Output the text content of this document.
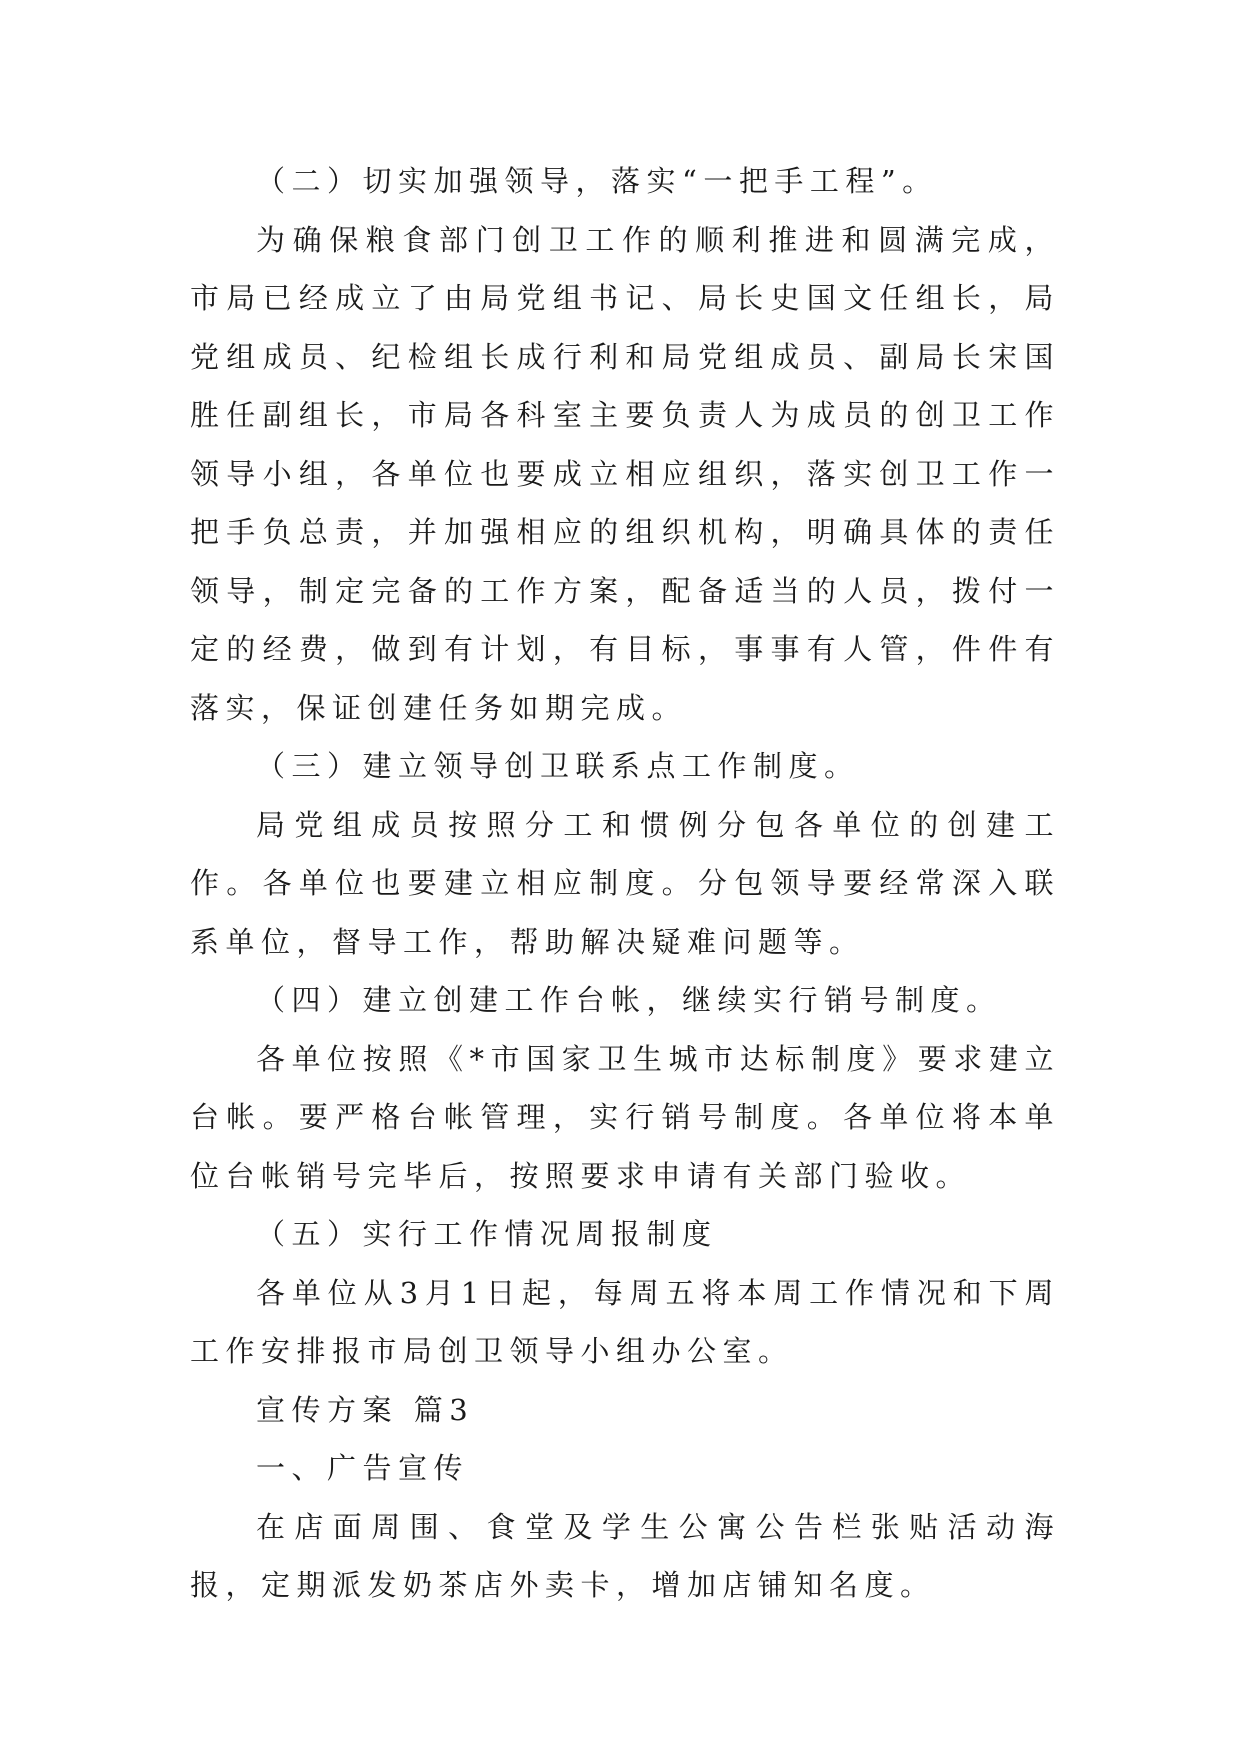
（二）切实加强领导，落实“一把手工程”。

为确保粮食部门创卫工作的顺利推进和圆满完成，市局已经成立了由局党组书记、局长史国文任组长，局党组成员、纪检组长成行利和局党组成员、副局长宋国胜任副组长，市局各科室主要负责人为成员的创卫工作领导小组，各单位也要成立相应组织，落实创卫工作一把手负总责，并加强相应的组织机构，明确具体的责任领导，制定完备的工作方案，配备适当的人员，拨付一定的经费，做到有计划，有目标，事事有人管，件件有落实，保证创建任务如期完成。

（三）建立领导创卫联系点工作制度。

局党组成员按照分工和惯例分包各单位的创建工作。各单位也要建立相应制度。分包领导要经常深入联系单位，督导工作，帮助解决疑难问题等。

（四）建立创建工作台帐，继续实行销号制度。

各单位按照《*市国家卫生城市达标制度》要求建立台帐。要严格台帐管理，实行销号制度。各单位将本单位台帐销号完毕后，按照要求申请有关部门验收。

（五）实行工作情况周报制度

各单位从3月1日起，每周五将本周工作情况和下周工作安排报市局创卫领导小组办公室。

宣传方案 篇3

一、广告宣传

在店面周围、食堂及学生公寓公告栏张贴活动海报，定期派发奶茶店外卖卡，增加店铺知名度。
